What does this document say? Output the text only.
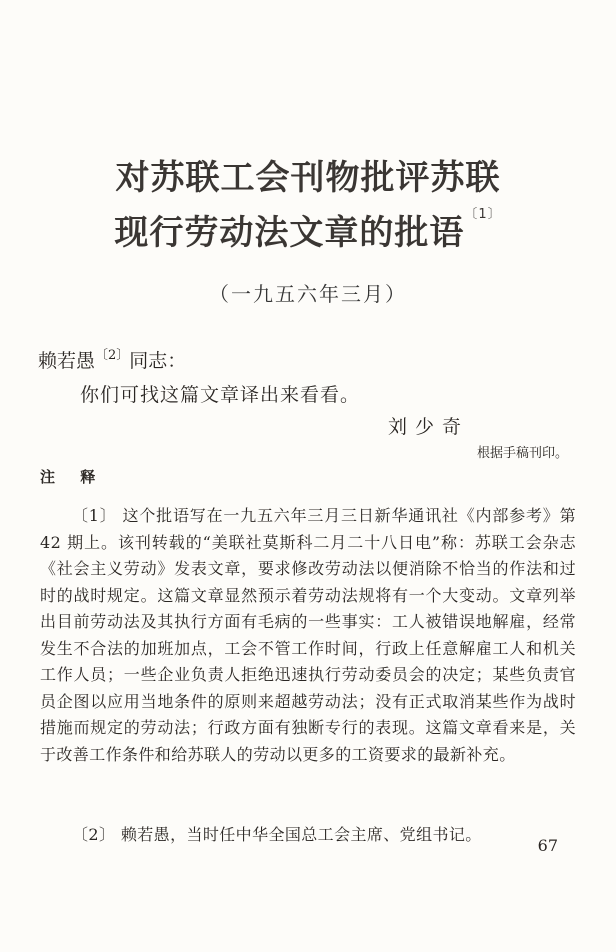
对苏联工会刊物批评苏联
现行劳动法文章的批语$^{〔1〕}$
（一九五六年三月）
赖若愚$^{〔2〕}$同志：
你们可找这篇文章译出来看看。
刘少奇
根据手稿刊印。
注 释

〔1〕 这个批语写在一九五六年三月三日新华通讯社《内部参考》第 42 期上。该刊转载的“美联社莫斯科二月二十八日电”称：苏联工会杂志《社会主义劳动》发表文章，要求修改劳动法以便消除不恰当的作法和过时的战时规定。这篇文章显然预示着劳动法规将有一个大变动。文章列举出目前劳动法及其执行方面有毛病的一些事实：工人被错误地解雇，经常发生不合法的加班加点，工会不管工作时间，行政上任意解雇工人和机关工作人员；一些企业负责人拒绝迅速执行劳动委员会的决定；某些负责官员企图以应用当地条件的原则来超越劳动法；没有正式取消某些作为战时措施而规定的劳动法；行政方面有独断专行的表现。这篇文章看来是，关于改善工作条件和给苏联人的劳动以更多的工资要求的最新补充。

〔2〕 赖若愚，当时任中华全国总工会主席、党组书记。

67
